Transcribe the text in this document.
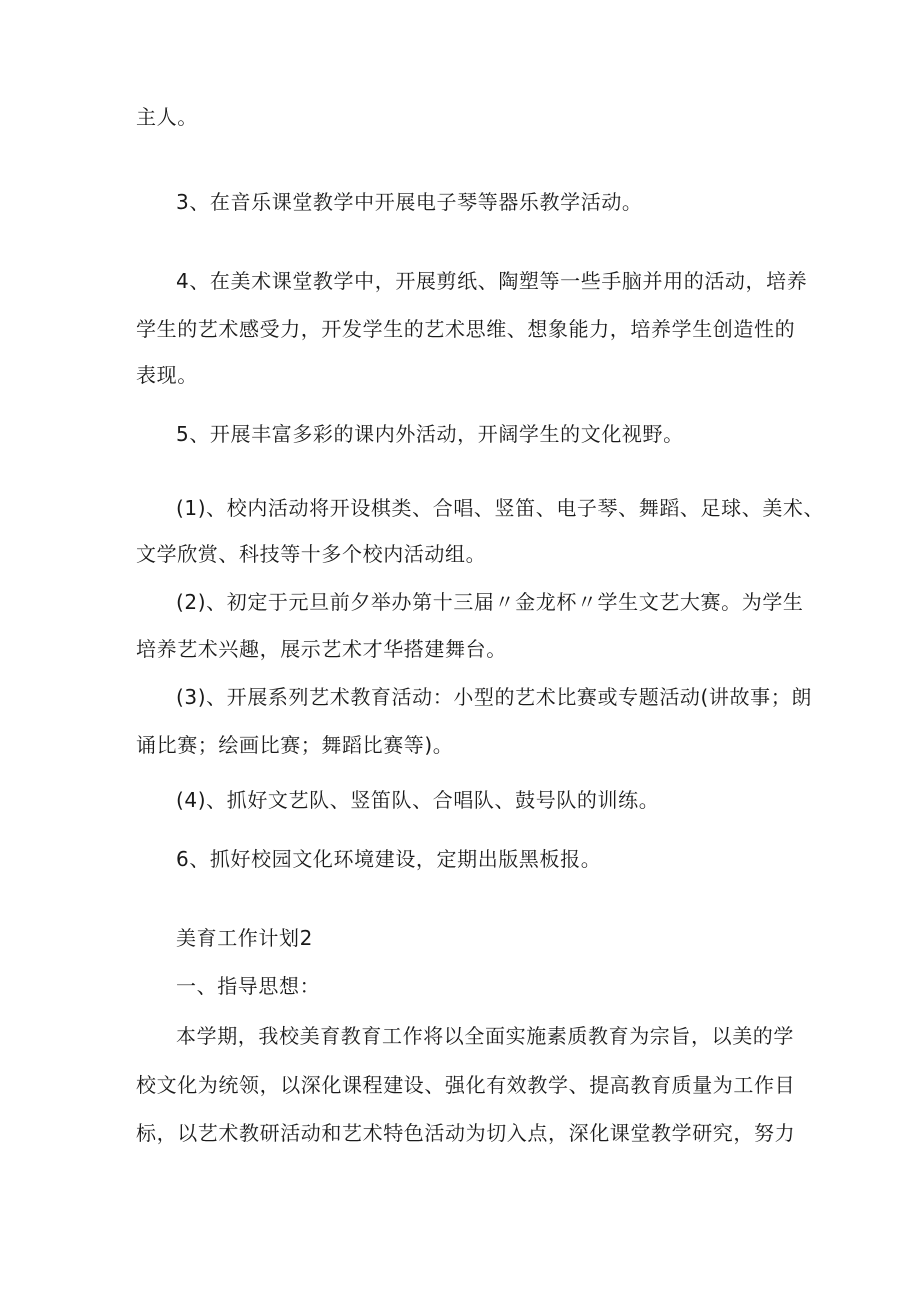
主人。
3、在音乐课堂教学中开展电子琴等器乐教学活动。
4、在美术课堂教学中，开展剪纸、陶塑等一些手脑并用的活动，培养
学生的艺术感受力，开发学生的艺术思维、想象能力，培养学生创造性的
表现。
5、开展丰富多彩的课内外活动，开阔学生的文化视野。
(1)、校内活动将开设棋类、合唱、竖笛、电子琴、舞蹈、足球、美术、
文学欣赏、科技等十多个校内活动组。
(2)、初定于元旦前夕举办第十三届〃金龙杯〃学生文艺大赛。为学生
培养艺术兴趣，展示艺术才华搭建舞台。
(3)、开展系列艺术教育活动：小型的艺术比赛或专题活动(讲故事；朗
诵比赛；绘画比赛；舞蹈比赛等)。
(4)、抓好文艺队、竖笛队、合唱队、鼓号队的训练。
6、抓好校园文化环境建设，定期出版黑板报。
美育工作计划2
一、指导思想：
本学期，我校美育教育工作将以全面实施素质教育为宗旨，以美的学
校文化为统领，以深化课程建设、强化有效教学、提高教育质量为工作目
标，以艺术教研活动和艺术特色活动为切入点，深化课堂教学研究，努力
